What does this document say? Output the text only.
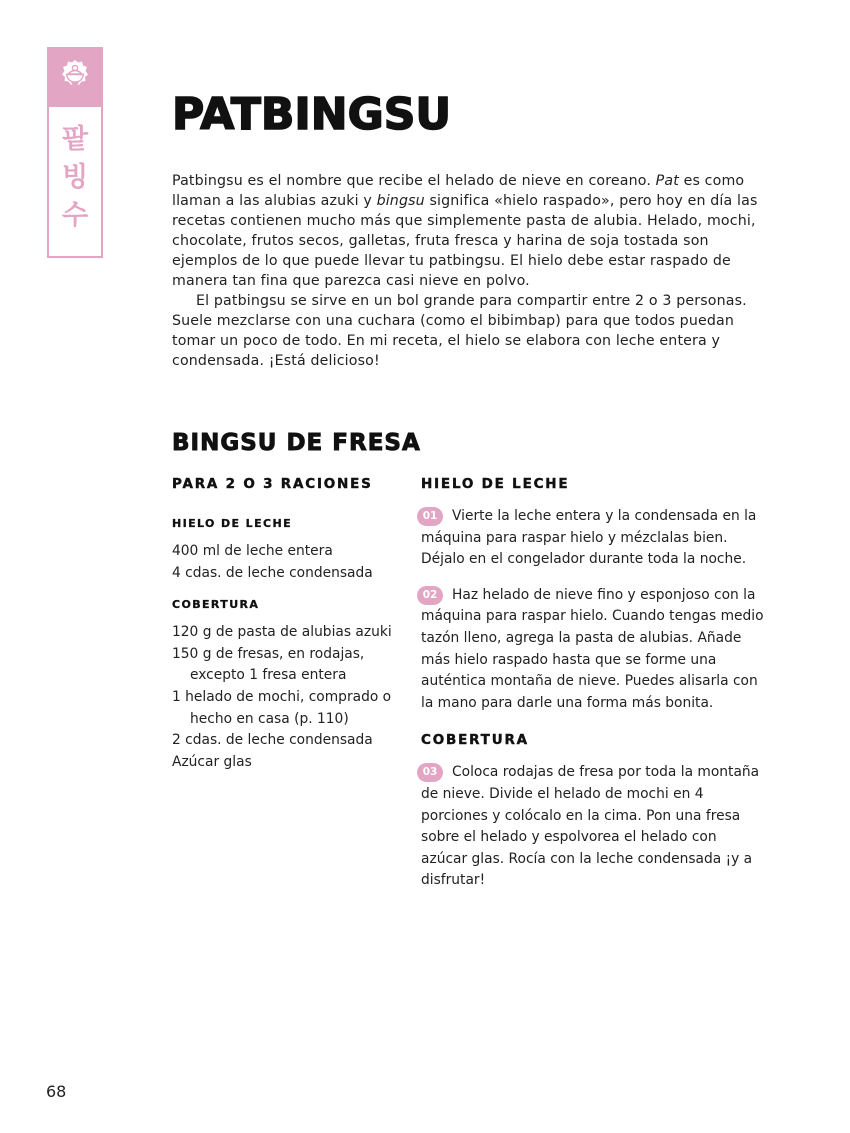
팥
빙
수
PATBINGSU

Patbingsu es el nombre que recibe el helado de nieve en coreano. Pat es como llaman a las alubias azuki y bingsu significa «hielo raspado», pero hoy en día las recetas contienen mucho más que simplemente pasta de alubia. Helado, mochi, chocolate, frutos secos, galletas, fruta fresca y harina de soja tostada son ejemplos de lo que puede llevar tu patbingsu. El hielo debe estar raspado de manera tan fina que parezca casi nieve en polvo.

El patbingsu se sirve en un bol grande para compartir entre 2 o 3 personas. Suele mezclarse con una cuchara (como el bibimbap) para que todos puedan tomar un poco de todo. En mi receta, el hielo se elabora con leche entera y condensada. ¡Está delicioso!

BINGSU DE FRESA
PARA 2 O 3 RACIONES
HIELO DE LECHE
400 ml de leche entera
4 cdas. de leche condensada
COBERTURA
120 g de pasta de alubias azuki
150 g de fresas, en rodajas, excepto 1 fresa entera
1 helado de mochi, comprado o hecho en casa (p. 110)
2 cdas. de leche condensada
Azúcar glas
HIELO DE LECHE

01 Vierte la leche entera y la condensada en la máquina para raspar hielo y mézclalas bien. Déjalo en el congelador durante toda la noche.

02 Haz helado de nieve fino y esponjoso con la máquina para raspar hielo. Cuando tengas medio tazón lleno, agrega la pasta de alubias. Añade más hielo raspado hasta que se forme una auténtica montaña de nieve. Puedes alisarla con la mano para darle una forma más bonita.

COBERTURA

03 Coloca rodajas de fresa por toda la montaña de nieve. Divide el helado de mochi en 4 porciones y colócalo en la cima. Pon una fresa sobre el helado y espolvorea el helado con azúcar glas. Rocía con la leche condensada ¡y a disfrutar!

68
